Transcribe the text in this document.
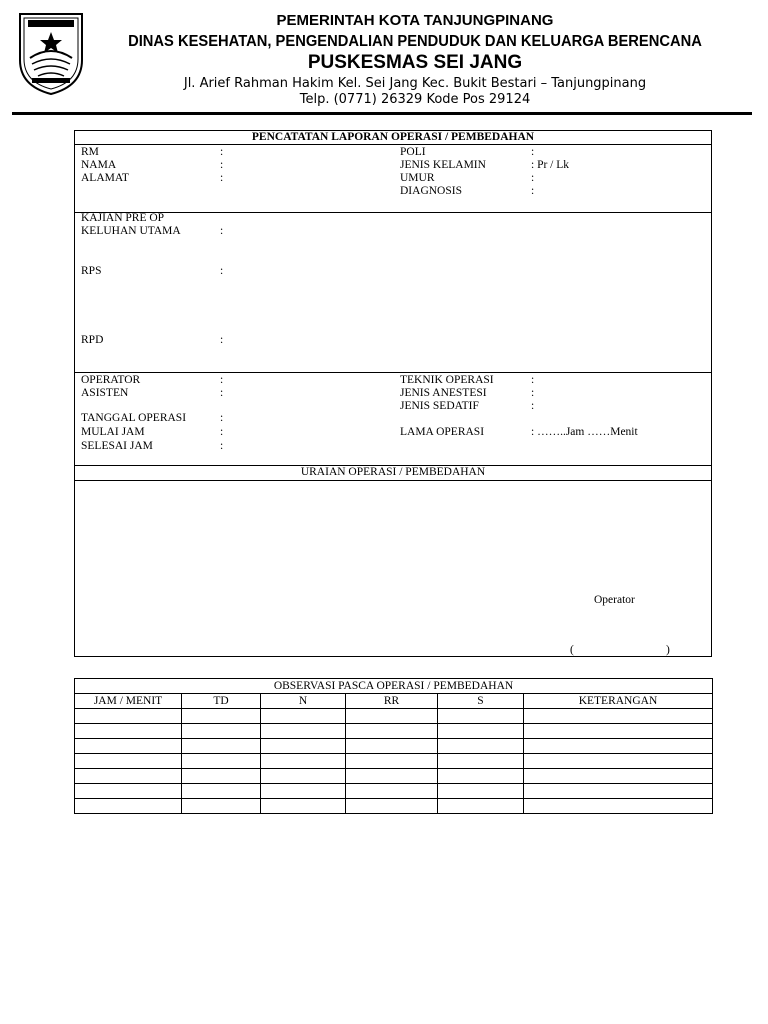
PEMERINTAH KOTA TANJUNGPINANG
DINAS KESEHATAN, PENGENDALIAN PENDUDUK DAN KELUARGA BERENCANA
PUSKESMAS SEI JANG
Jl. Arief Rahman Hakim Kel. Sei Jang Kec. Bukit Bestari – Tanjungpinang
Telp. (0771) 26329 Kode Pos 29124
PENCATATAN LAPORAN OPERASI / PEMBEDAHAN
RM	:
NAMA	:
ALAMAT	:
POLI	:
JENIS KELAMIN	: Pr / Lk
UMUR	:
DIAGNOSIS	:
KAJIAN PRE OP
KELUHAN UTAMA	:
RPS	:
RPD	:
OPERATOR	:
ASISTEN	:
TANGGAL OPERASI	:
MULAI JAM	:
SELESAI JAM	:
TEKNIK OPERASI	:
JENIS ANESTESI	:
JENIS SEDATIF	:
LAMA OPERASI	: ……..Jam ……Menit
URAIAN OPERASI / PEMBEDAHAN
Operator
(	)
OBSERVASI PASCA OPERASI / PEMBEDAHAN					
JAM / MENIT	TD	N	RR	S	KETERANGAN
